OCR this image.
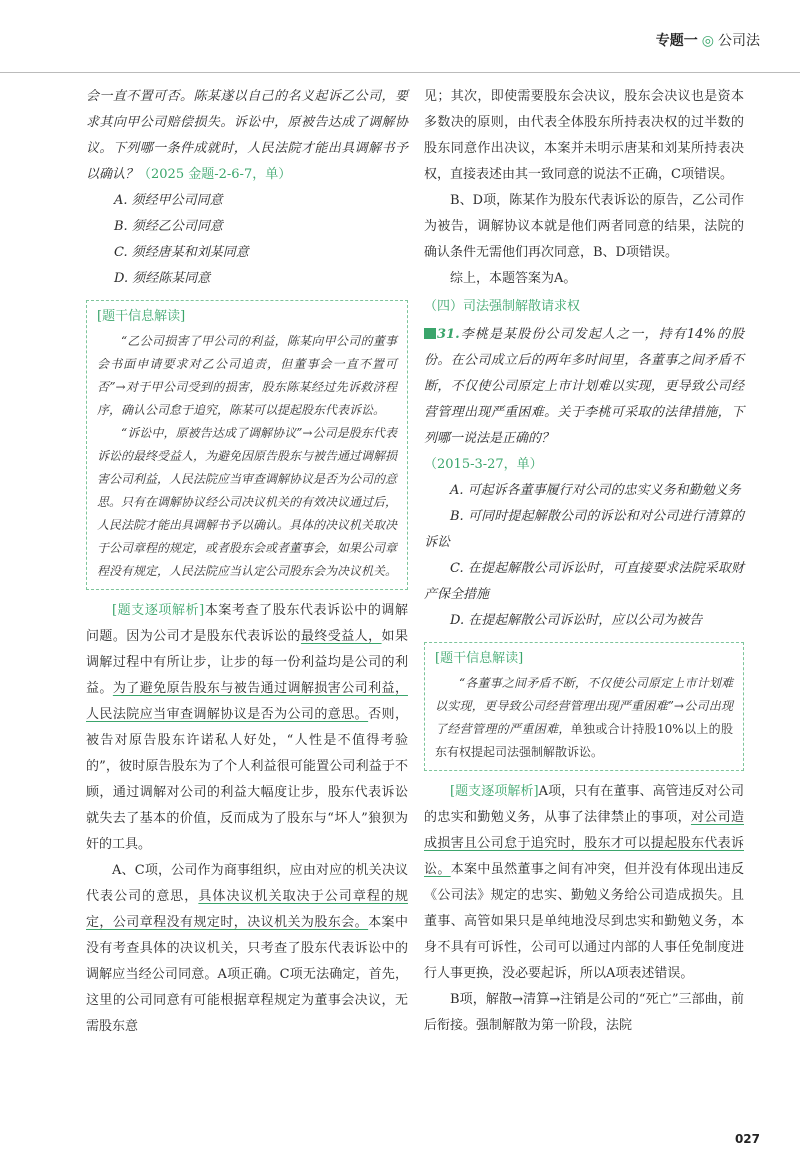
专题一 ◎ 公司法

会一直不置可否。陈某遂以自己的名义起诉乙公司，要求其向甲公司赔偿损失。诉讼中，原被告达成了调解协议。下列哪一条件成就时，人民法院才能出具调解书予以确认？（2025 金题-2-6-7，单）

A. 须经甲公司同意
B. 须经乙公司同意
C. 须经唐某和刘某同意
D. 须经陈某同意
[题干信息解读]

“乙公司损害了甲公司的利益，陈某向甲公司的董事会书面申请要求对乙公司追责，但董事会一直不置可否”→对于甲公司受到的损害，股东陈某经过先诉救济程序，确认公司怠于追究，陈某可以提起股东代表诉讼。

“诉讼中，原被告达成了调解协议”→公司是股东代表诉讼的最终受益人，为避免因原告股东与被告通过调解损害公司利益，人民法院应当审查调解协议是否为公司的意思。只有在调解协议经公司决议机关的有效决议通过后，人民法院才能出具调解书予以确认。具体的决议机关取决于公司章程的规定，或者股东会或者董事会，如果公司章程没有规定，人民法院应当认定公司股东会为决议机关。

[题支逐项解析]本案考查了股东代表诉讼中的调解问题。因为公司才是股东代表诉讼的最终受益人，如果调解过程中有所让步，让步的每一份利益均是公司的利益。为了避免原告股东与被告通过调解损害公司利益，人民法院应当审查调解协议是否为公司的意思。否则，被告对原告股东许诺私人好处，“人性是不值得考验的”，彼时原告股东为了个人利益很可能置公司利益于不顾，通过调解对公司的利益大幅度让步，股东代表诉讼就失去了基本的价值，反而成为了股东与“坏人”狼狈为奸的工具。

A、C项，公司作为商事组织，应由对应的机关决议代表公司的意思，具体决议机关取决于公司章程的规定，公司章程没有规定时，决议机关为股东会。本案中没有考查具体的决议机关，只考查了股东代表诉讼中的调解应当经公司同意。A项正确。C项无法确定，首先，这里的公司同意有可能根据章程规定为董事会决议，无需股东意

见；其次，即使需要股东会决议，股东会决议也是资本多数决的原则，由代表全体股东所持表决权的过半数的股东同意作出决议，本案并未明示唐某和刘某所持表决权，直接表述由其一致同意的说法不正确，C项错误。

B、D项，陈某作为股东代表诉讼的原告，乙公司作为被告，调解协议本就是他们两者同意的结果，法院的确认条件无需他们再次同意，B、D项错误。

综上，本题答案为A。

（四）司法强制解散请求权

31.李桃是某股份公司发起人之一，持有14%的股份。在公司成立后的两年多时间里，各董事之间矛盾不断，不仅使公司原定上市计划难以实现，更导致公司经营管理出现严重困难。关于李桃可采取的法律措施，下列哪一说法是正确的？
（2015-3-27，单）

A. 可起诉各董事履行对公司的忠实义务和勤勉义务

B. 可同时提起解散公司的诉讼和对公司进行清算的诉讼

C. 在提起解散公司诉讼时，可直接要求法院采取财产保全措施

D. 在提起解散公司诉讼时，应以公司为被告

[题干信息解读]

“各董事之间矛盾不断，不仅使公司原定上市计划难以实现，更导致公司经营管理出现严重困难”→公司出现了经营管理的严重困难，单独或合计持股10%以上的股东有权提起司法强制解散诉讼。

[题支逐项解析]A项，只有在董事、高管违反对公司的忠实和勤勉义务，从事了法律禁止的事项，对公司造成损害且公司怠于追究时，股东才可以提起股东代表诉讼。本案中虽然董事之间有冲突，但并没有体现出违反《公司法》规定的忠实、勤勉义务给公司造成损失。且董事、高管如果只是单纯地没尽到忠实和勤勉义务，本身不具有可诉性，公司可以通过内部的人事任免制度进行人事更换，没必要起诉，所以A项表述错误。

B项，解散→清算→注销是公司的“死亡”三部曲，前后衔接。强制解散为第一阶段，法院

027
